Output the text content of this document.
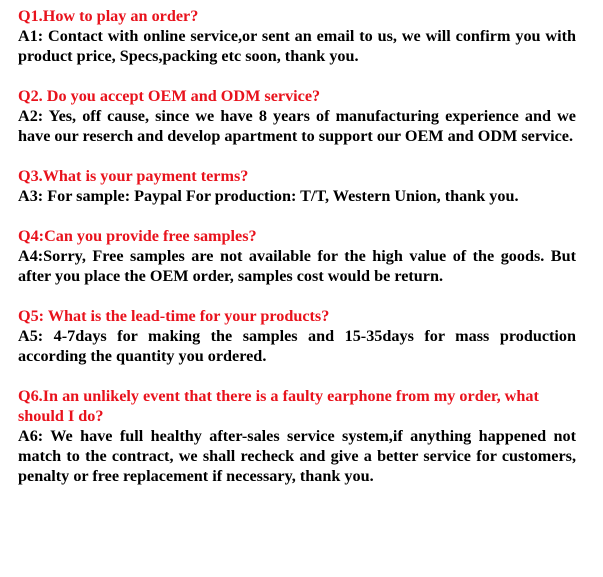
Q1.How to play an order?

A1: Contact with online service,or sent an email to us, we will confirm you with product price, Specs,packing etc soon, thank you.

Q2. Do you accept OEM and ODM service?

A2: Yes, off cause, since we have 8 years of manufacturing experience and we have our reserch and develop apartment to support our OEM and ODM service.

Q3.What is your payment terms?

A3: For sample: Paypal For production: T/T, Western Union, thank you.

Q4:Can you provide free samples?

A4:Sorry, Free samples are not available for the high value of the goods. But after you place the OEM order, samples cost would be return.

Q5: What is the lead-time for your products?

A5: 4-7days for making the samples and 15-35days for mass production according the quantity you ordered.

Q6.In an unlikely event that there is a faulty earphone from my order, what should I do?

A6: We have full healthy after-sales service system,if anything happened not match to the contract, we shall recheck and give a better service for customers, penalty or free replacement if necessary, thank you.
